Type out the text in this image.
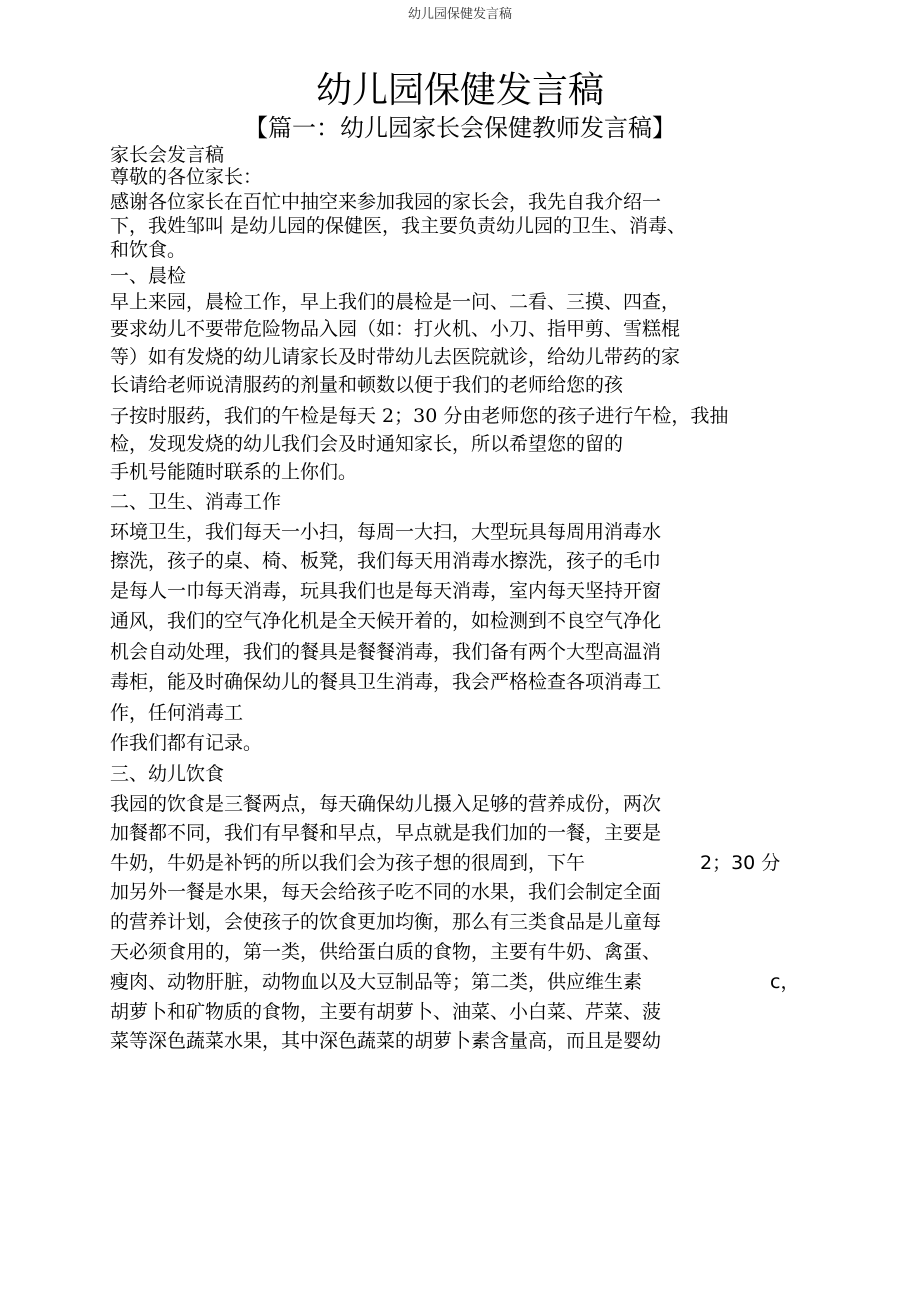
幼儿园保健发言稿
幼儿园保健发言稿
【篇一：幼儿园家长会保健教师发言稿】
家长会发言稿
尊敬的各位家长：
感谢各位家长在百忙中抽空来参加我园的家长会，我先自我介绍一
下，我姓邹叫 是幼儿园的保健医，我主要负责幼儿园的卫生、消毒、
和饮食。
一、晨检
早上来园，晨检工作，早上我们的晨检是一问、二看、三摸、四查，
要求幼儿不要带危险物品入园（如：打火机、小刀、指甲剪、雪糕棍
等）如有发烧的幼儿请家长及时带幼儿去医院就诊，给幼儿带药的家
长请给老师说清服药的剂量和顿数以便于我们的老师给您的孩
子按时服药，我们的午检是每天 2；30 分由老师您的孩子进行午检，我抽
检，发现发烧的幼儿我们会及时通知家长，所以希望您的留的
手机号能随时联系的上你们。
二、卫生、消毒工作
环境卫生，我们每天一小扫，每周一大扫，大型玩具每周用消毒水
擦洗，孩子的桌、椅、板凳，我们每天用消毒水擦洗，孩子的毛巾
是每人一巾每天消毒，玩具我们也是每天消毒，室内每天坚持开窗
通风，我们的空气净化机是全天候开着的，如检测到不良空气净化
机会自动处理，我们的餐具是餐餐消毒，我们备有两个大型高温消
毒柜，能及时确保幼儿的餐具卫生消毒，我会严格检查各项消毒工
作，任何消毒工
作我们都有记录。
三、幼儿饮食
我园的饮食是三餐两点，每天确保幼儿摄入足够的营养成份，两次
加餐都不同，我们有早餐和早点，早点就是我们加的一餐，主要是
牛奶，牛奶是补钙的所以我们会为孩子想的很周到，下午	2；30 分
加另外一餐是水果，每天会给孩子吃不同的水果，我们会制定全面
的营养计划，会使孩子的饮食更加均衡，那么有三类食品是儿童每
天必须食用的，第一类，供给蛋白质的食物，主要有牛奶、禽蛋、
瘦肉、动物肝脏，动物血以及大豆制品等；第二类，供应维生素	c，
胡萝卜和矿物质的食物，主要有胡萝卜、油菜、小白菜、芹菜、菠
菜等深色蔬菜水果，其中深色蔬菜的胡萝卜素含量高，而且是婴幼
